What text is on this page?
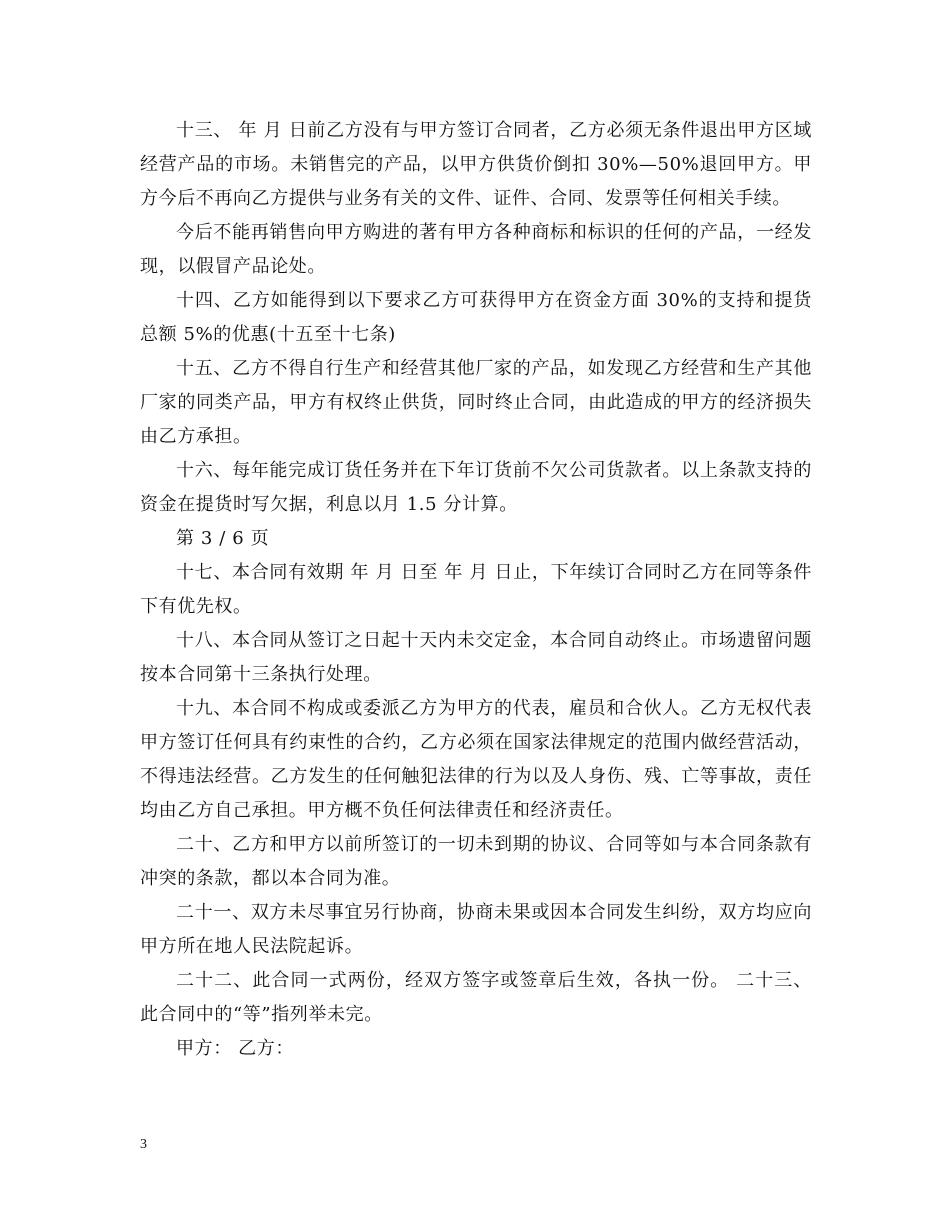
十三、 年 月 日前乙方没有与甲方签订合同者，乙方必须无条件退出甲方区域经营产品的市场。未销售完的产品，以甲方供货价倒扣 30%—50%退回甲方。甲方今后不再向乙方提供与业务有关的文件、证件、合同、发票等任何相关手续。

今后不能再销售向甲方购进的著有甲方各种商标和标识的任何的产品，一经发现，以假冒产品论处。

十四、乙方如能得到以下要求乙方可获得甲方在资金方面 30%的支持和提货总额 5%的优惠(十五至十七条)

十五、乙方不得自行生产和经营其他厂家的产品，如发现乙方经营和生产其他厂家的同类产品，甲方有权终止供货，同时终止合同，由此造成的甲方的经济损失由乙方承担。

十六、每年能完成订货任务并在下年订货前不欠公司货款者。以上条款支持的资金在提货时写欠据，利息以月 1.5 分计算。

第 3 / 6 页

十七、本合同有效期 年 月 日至 年 月 日止，下年续订合同时乙方在同等条件下有优先权。

十八、本合同从签订之日起十天内未交定金，本合同自动终止。市场遗留问题按本合同第十三条执行处理。

十九、本合同不构成或委派乙方为甲方的代表，雇员和合伙人。乙方无权代表甲方签订任何具有约束性的合约，乙方必须在国家法律规定的范围内做经营活动，不得违法经营。乙方发生的任何触犯法律的行为以及人身伤、残、亡等事故，责任均由乙方自己承担。甲方概不负任何法律责任和经济责任。

二十、乙方和甲方以前所签订的一切未到期的协议、合同等如与本合同条款有冲突的条款，都以本合同为准。

二十一、双方未尽事宜另行协商，协商未果或因本合同发生纠纷，双方均应向甲方所在地人民法院起诉。

二十二、此合同一式两份，经双方签字或签章后生效，各执一份。 二十三、此合同中的“等”指列举未完。

甲方： 乙方：

3
